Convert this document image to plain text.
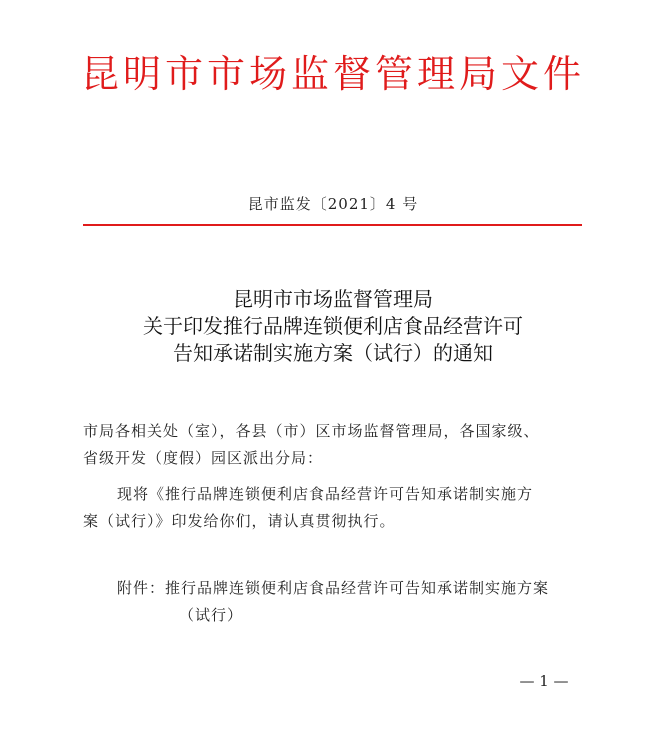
昆明市市场监督管理局文件
昆市监发〔2021〕4 号
昆明市市场监督管理局
关于印发推行品牌连锁便利店食品经营许可
告知承诺制实施方案（试行）的通知
市局各相关处（室），各县（市）区市场监督管理局，各国家级、
省级开发（度假）园区派出分局：
现将《推行品牌连锁便利店食品经营许可告知承诺制实施方
案（试行）》印发给你们，请认真贯彻执行。
附件：推行品牌连锁便利店食品经营许可告知承诺制实施方案
（试行）
— 1 —
